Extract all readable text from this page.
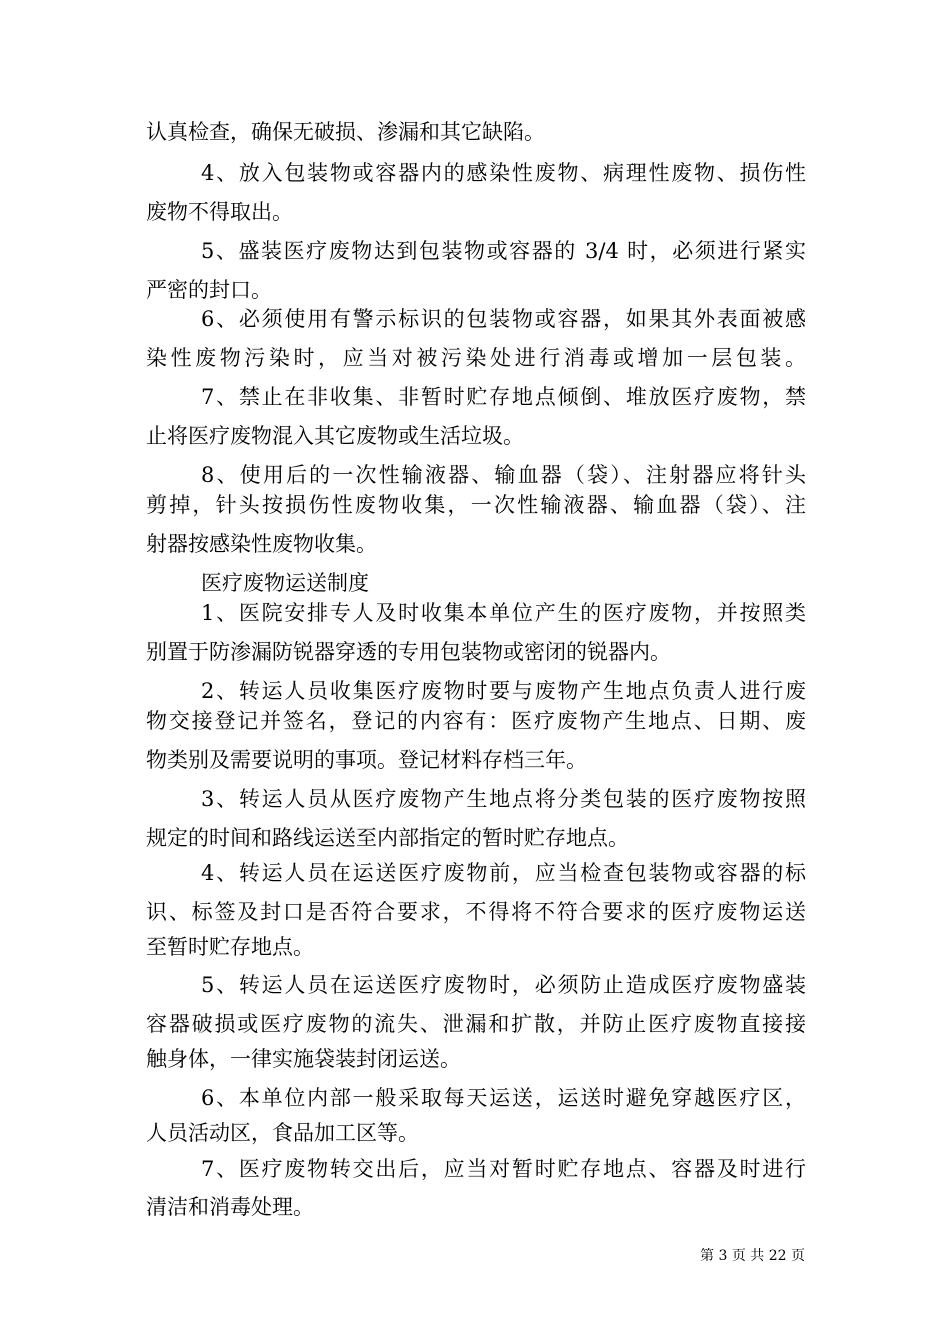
认真检查，确保无破损、渗漏和其它缺陷。
4、放入包装物或容器内的感染性废物、病理性废物、损伤性
废物不得取出。
5、盛装医疗废物达到包装物或容器的 3/4 时，必须进行紧实
严密的封口。
6、必须使用有警示标识的包装物或容器，如果其外表面被感
染性废物污染时，应当对被污染处进行消毒或增加一层包装。
7、禁止在非收集、非暂时贮存地点倾倒、堆放医疗废物，禁
止将医疗废物混入其它废物或生活垃圾。
8、使用后的一次性输液器、输血器（袋）、注射器应将针头
剪掉，针头按损伤性废物收集，一次性输液器、输血器（袋）、注
射器按感染性废物收集。
医疗废物运送制度
1、医院安排专人及时收集本单位产生的医疗废物，并按照类
别置于防渗漏防锐器穿透的专用包装物或密闭的锐器内。
2、转运人员收集医疗废物时要与废物产生地点负责人进行废
物交接登记并签名，登记的内容有：医疗废物产生地点、日期、废
物类别及需要说明的事项。登记材料存档三年。
3、转运人员从医疗废物产生地点将分类包装的医疗废物按照
规定的时间和路线运送至内部指定的暂时贮存地点。
4、转运人员在运送医疗废物前，应当检查包装物或容器的标
识、标签及封口是否符合要求，不得将不符合要求的医疗废物运送
至暂时贮存地点。
5、转运人员在运送医疗废物时，必须防止造成医疗废物盛装
容器破损或医疗废物的流失、泄漏和扩散，并防止医疗废物直接接
触身体，一律实施袋装封闭运送。
6、本单位内部一般采取每天运送，运送时避免穿越医疗区，
人员活动区，食品加工区等。
7、医疗废物转交出后，应当对暂时贮存地点、容器及时进行
清洁和消毒处理。
第 3 页 共 22 页
